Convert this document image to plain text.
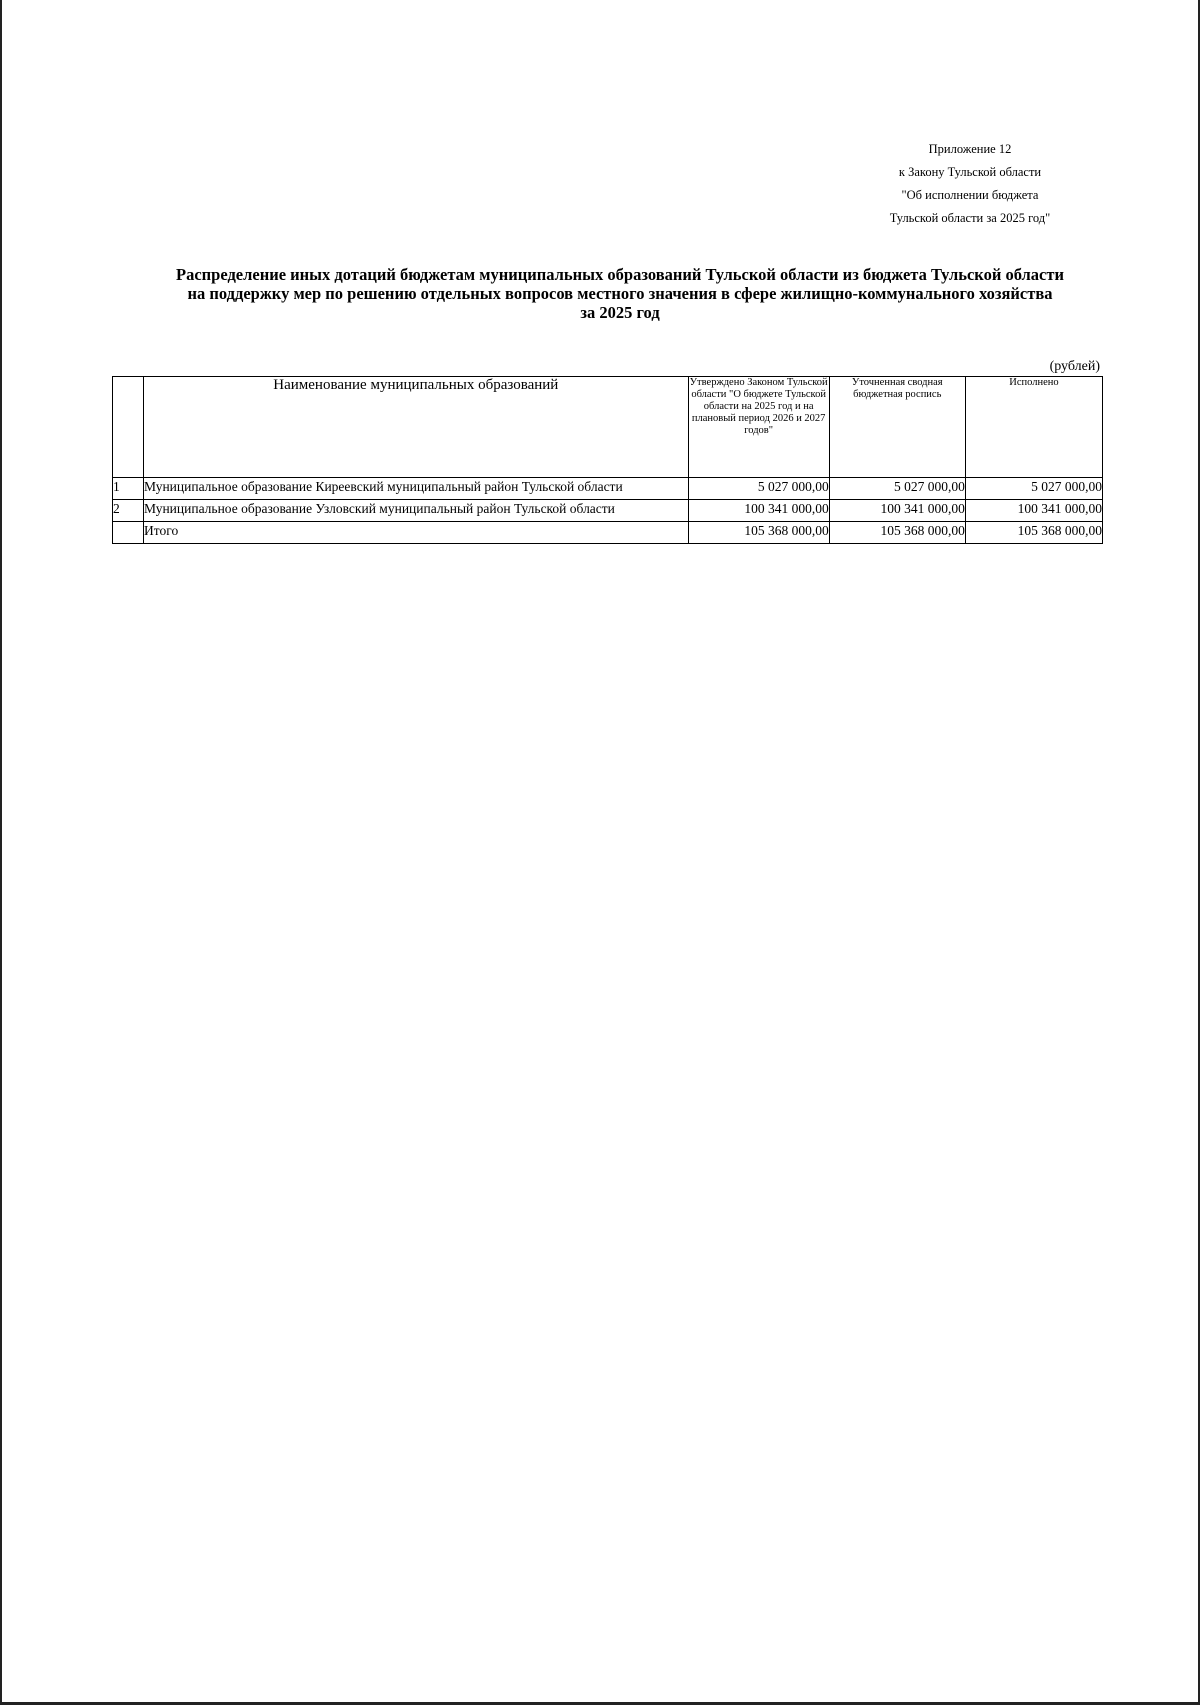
Приложение 12
к Закону Тульской области
"Об исполнении бюджета
Тульской области за 2025 год"
Распределение иных дотаций бюджетам муниципальных образований Тульской области из бюджета Тульской области
на поддержку мер по решению отдельных вопросов местного значения в сфере жилищно-коммунального хозяйства
за 2025 год
(рублей)
	Наименование муниципальных образований	Утверждено Законом Тульской области "О бюджете Тульской области на 2025 год и на плановый период 2026 и 2027 годов"	Уточненная сводная бюджетная роспись	Исполнено
1	Муниципальное образование Киреевский муниципальный район Тульской области	5 027 000,00	5 027 000,00	5 027 000,00
2	Муниципальное образование Узловский муниципальный район Тульской области	100 341 000,00	100 341 000,00	100 341 000,00
	Итого	105 368 000,00	105 368 000,00	105 368 000,00
